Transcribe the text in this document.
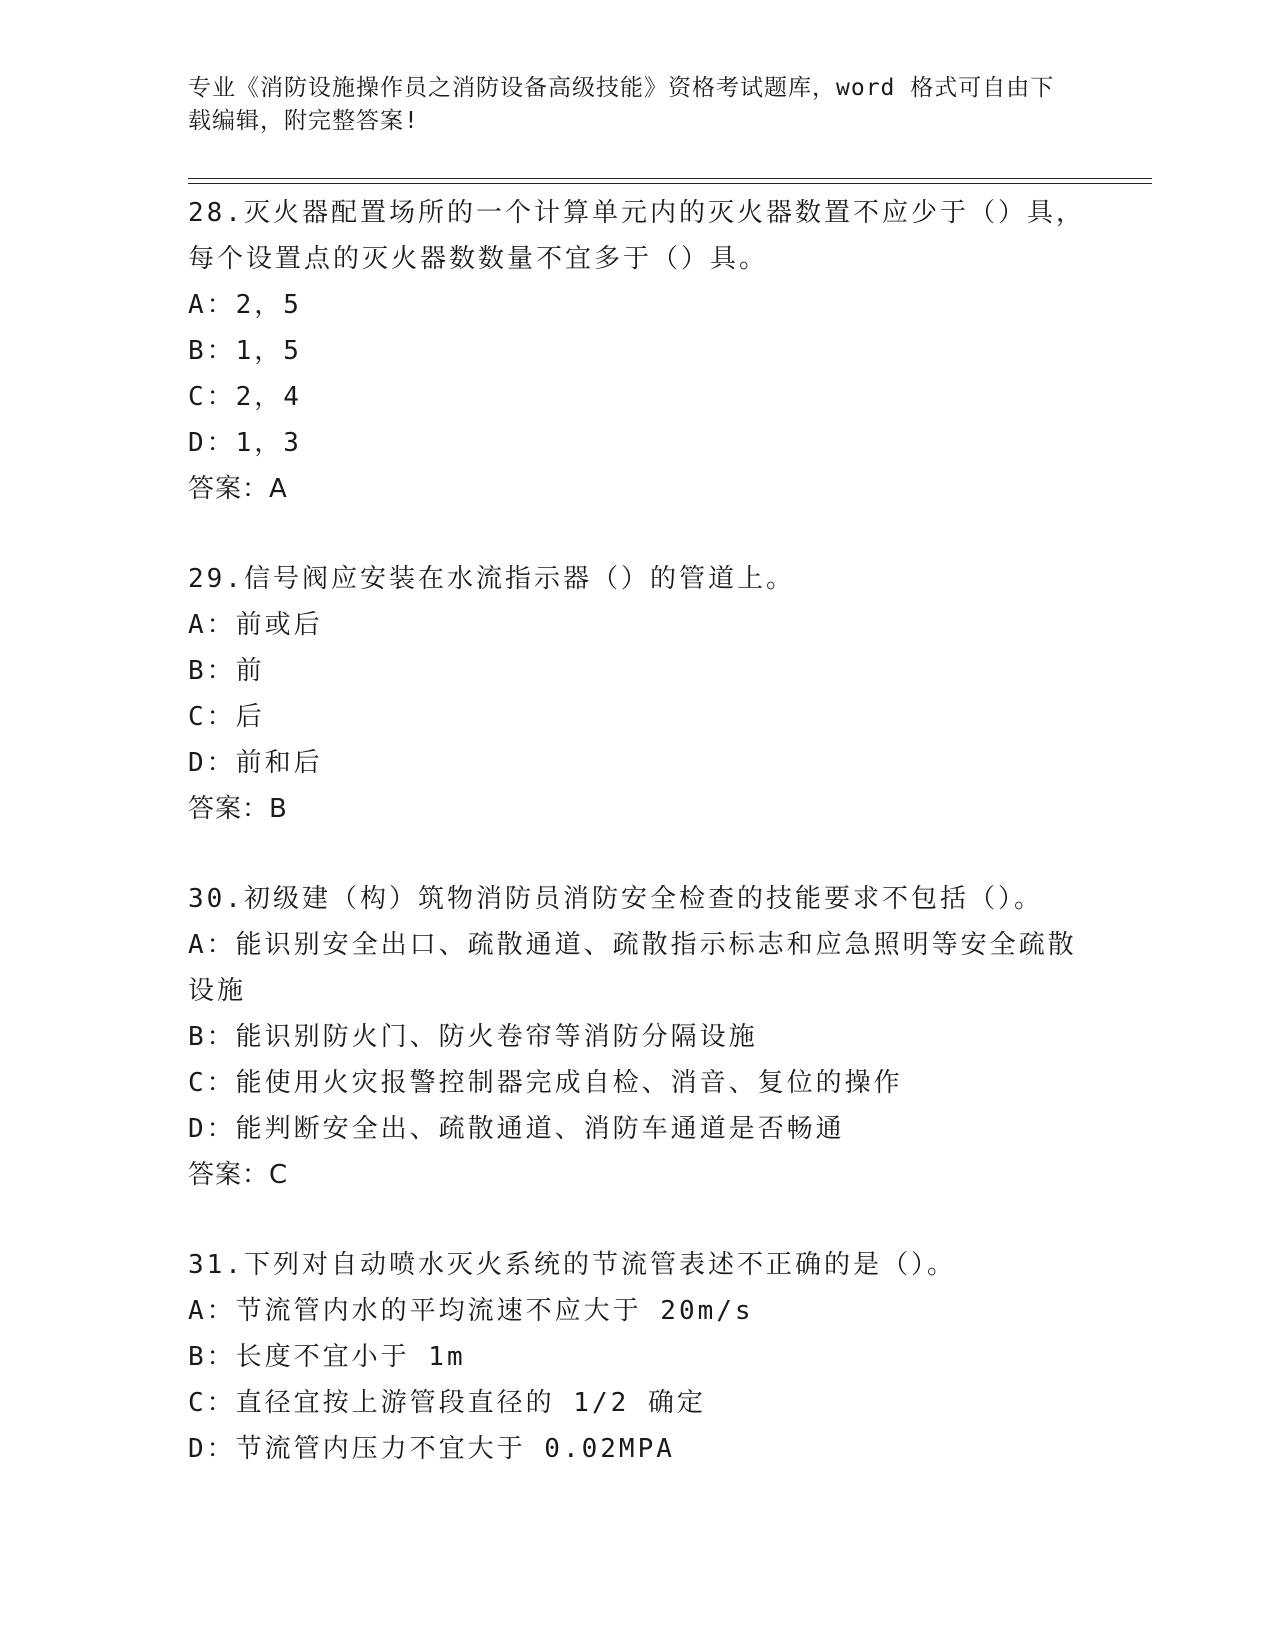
专业《消防设施操作员之消防设备高级技能》资格考试题库，word 格式可自由下载编辑，附完整答案!
28.灭火器配置场所的一个计算单元内的灭火器数置不应少于（）具，每个设置点的灭火器数数量不宜多于（）具。
A：2，5
B：1，5
C：2，4
D：1，3
答案：A
29.信号阀应安装在水流指示器（）的管道上。
A：前或后
B：前
C：后
D：前和后
答案：B
30.初级建（构）筑物消防员消防安全检查的技能要求不包括（）。
A：能识别安全出口、疏散通道、疏散指示标志和应急照明等安全疏散设施
B：能识别防火门、防火卷帘等消防分隔设施
C：能使用火灾报警控制器完成自检、消音、复位的操作
D：能判断安全出、疏散通道、消防车通道是否畅通
答案：C
31.下列对自动喷水灭火系统的节流管表述不正确的是（）。
A：节流管内水的平均流速不应大于 20m/s
B：长度不宜小于 1m
C：直径宜按上游管段直径的 1/2 确定
D：节流管内压力不宜大于 0.02MPA
